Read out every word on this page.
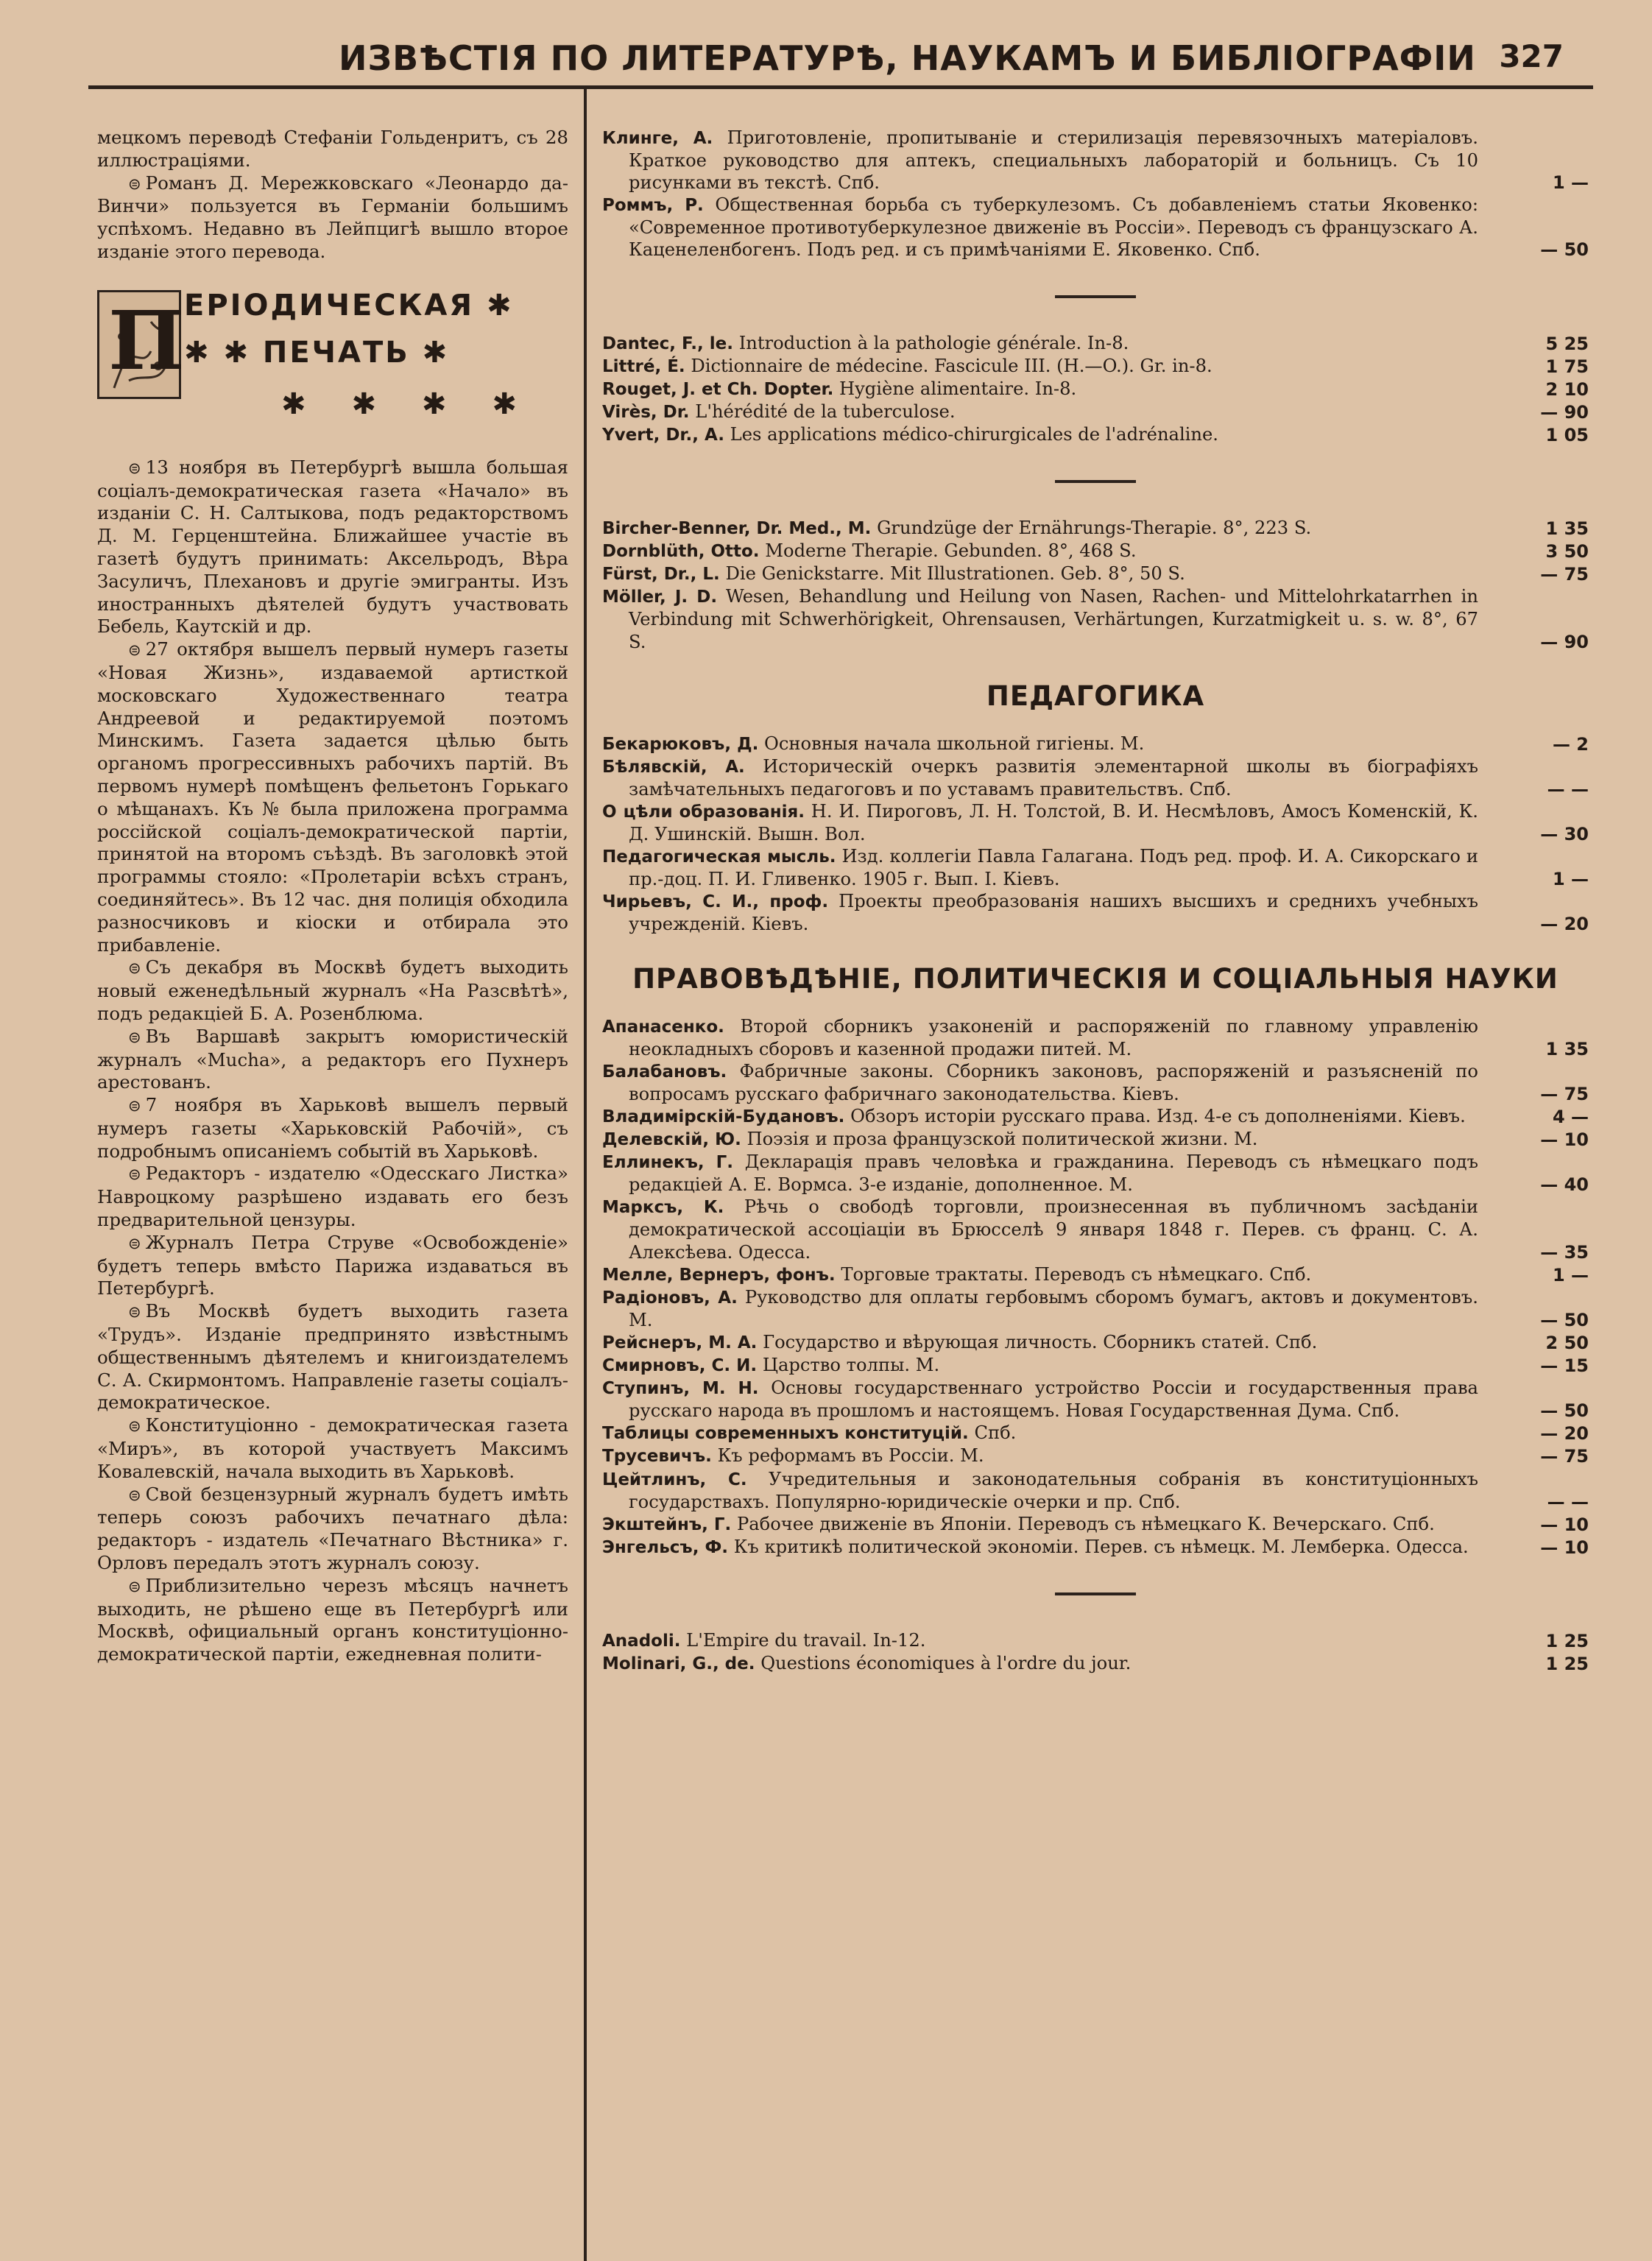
ИЗВѢСТІЯ ПО ЛИТЕРАТУРѢ, НАУКАМЪ И БИБЛІОГРАФІИ 327

мецкомъ переводѣ Стефаніи Гольденритъ, съ 28 иллюстраціями.

⊜ Романъ Д. Мережковскаго «Леонардо да-Винчи» пользуется въ Германіи большимъ успѣхомъ. Недавно въ Лейпцигѣ вышло второе изданіе этого перевода.

П ЕРІОДИЧЕСКАЯ ✱
✱ ✱ ПЕЧАТЬ ✱
✱ ✱ ✱ ✱

⊜ 13 ноября въ Петербургѣ вышла большая соціалъ-демократическая газета «Начало» въ изданіи С. Н. Салтыкова, подъ редакторствомъ Д. М. Герценштейна. Ближайшее участіе въ газетѣ будутъ принимать: Аксельродъ, Вѣра Засуличъ, Плехановъ и другіе эмигранты. Изъ иностранныхъ дѣятелей будутъ участвовать Бебель, Каутскій и др.

⊜ 27 октября вышелъ первый нумеръ газеты «Новая Жизнь», издаваемой артисткой московскаго Художественнаго театра Андреевой и редактируемой поэтомъ Минскимъ. Газета задается цѣлью быть органомъ прогрессивныхъ рабочихъ партій. Въ первомъ нумерѣ помѣщенъ фельетонъ Горькаго о мѣщанахъ. Къ № была приложена программа россійской соціалъ-демократической партіи, принятой на второмъ съѣздѣ. Въ заголовкѣ этой программы стояло: «Пролетаріи всѣхъ странъ, соединяйтесь». Въ 12 час. дня полиція обходила разносчиковъ и кіоски и отбирала это прибавленіе.

⊜ Съ декабря въ Москвѣ будетъ выходить новый еженедѣльный журналъ «На Разсвѣтѣ», подъ редакціей Б. А. Розенблюма.

⊜ Въ Варшавѣ закрытъ юмористическій журналъ «Mucha», а редакторъ его Пухнеръ арестованъ.

⊜ 7 ноября въ Харьковѣ вышелъ первый нумеръ газеты «Харьковскій Рабочій», съ подробнымъ описаніемъ событій въ Харьковѣ.

⊜ Редакторъ - издателю «Одесскаго Листка» Навроцкому разрѣшено издавать его безъ предварительной цензуры.

⊜ Журналъ Петра Струве «Освобожденіе» будетъ теперь вмѣсто Парижа издаваться въ Петербургѣ.

⊜ Въ Москвѣ будетъ выходить газета «Трудъ». Изданіе предпринято извѣстнымъ общественнымъ дѣятелемъ и книгоиздателемъ С. А. Скирмонтомъ. Направленіе газеты соціалъ-демократическое.

⊜ Конституціонно - демократическая газета «Миръ», въ которой участвуетъ Максимъ Ковалевскій, начала выходить въ Харьковѣ.

⊜ Свой безцензурный журналъ будетъ имѣть теперь союзъ рабочихъ печатнаго дѣла: редакторъ - издатель «Печатнаго Вѣстника» г. Орловъ передалъ этотъ журналъ союзу.

⊜ Приблизительно черезъ мѣсяцъ начнетъ выходить, не рѣшено еще въ Петербургѣ или Москвѣ, официальный органъ конституціонно-демократической партіи, ежедневная полити-

Клинге, А. Приготовленіе, пропитываніе и стерилизація перевязочныхъ матеріаловъ. Краткое руководство для аптекъ, специальныхъ лабораторій и больницъ. Съ 10 рисунками въ текстѣ. Спб.	1 —
Роммъ, Р. Общественная борьба съ туберкулезомъ. Съ добавленіемъ статьи Яковенко: «Современное противотуберкулезное движеніе въ Россіи». Переводъ съ французскаго А. Каценеленбогенъ. Подъ ред. и съ примѣчаніями Е. Яковенко. Спб.	— 50
Dantec, F., le. Introduction à la pathologie générale. In-8.	5 25
Littré, É. Dictionnaire de médecine. Fascicule III. (H.—O.). Gr. in-8.	1 75
Rouget, J. et Ch. Dopter. Hygiène alimentaire. In-8.	2 10
Virès, Dr. L'hérédité de la tuberculose.	— 90
Yvert, Dr., A. Les applications médico-chirurgicales de l'adrénaline.	1 05
Bircher-Benner, Dr. Med., M. Grundzüge der Ernährungs-Therapie. 8°, 223 S.	1 35
Dornblüth, Otto. Moderne Therapie. Gebunden. 8°, 468 S.	3 50
Fürst, Dr., L. Die Genickstarre. Mit Illustrationen. Geb. 8°, 50 S.	— 75
Möller, J. D. Wesen, Behandlung und Heilung von Nasen, Rachen- und Mittelohrkatarrhen in Verbindung mit Schwerhörigkeit, Ohrensausen, Verhärtungen, Kurzatmigkeit u. s. w. 8°, 67 S.	— 90
ПЕДАГОГИКА
Бекарюковъ, Д. Основныя начала школьной гигіены. М.	— 2
Бѣлявскій, А. Историческій очеркъ развитія элементарной школы въ біографіяхъ замѣчательныхъ педагоговъ и по уставамъ правительствъ. Спб.	— —
О цѣли образованія. Н. И. Пироговъ, Л. Н. Толстой, В. И. Несмѣловъ, Амосъ Коменскій, К. Д. Ушинскій. Вышн. Вол.	— 30
Педагогическая мысль. Изд. коллегіи Павла Галагана. Подъ ред. проф. И. А. Сикорскаго и пр.-доц. П. И. Гливенко. 1905 г. Вып. I. Кіевъ.	1 —
Чирьевъ, С. И., проф. Проекты преобразованія нашихъ высшихъ и среднихъ учебныхъ учрежденій. Кіевъ.	— 20
ПРАВОВѢДѢНІЕ, ПОЛИТИЧЕСКІЯ И СОЦІАЛЬНЫЯ НАУКИ
Апанасенко. Второй сборникъ узаконеній и распоряженій по главному управленію неокладныхъ сборовъ и казенной продажи питей. М.	1 35
Балабановъ. Фабричные законы. Сборникъ законовъ, распоряженій и разъясненій по вопросамъ русскаго фабричнаго законодательства. Кіевъ.	— 75
Владимірскій-Будановъ. Обзоръ исторіи русскаго права. Изд. 4-е съ дополненіями. Кіевъ.	4 —
Делевскій, Ю. Поэзія и проза французской политической жизни. М.	— 10
Еллинекъ, Г. Декларація правъ человѣка и гражданина. Переводъ съ нѣмецкаго подъ редакціей А. Е. Вормса. 3-е изданіе, дополненное. М.	— 40
Марксъ, К. Рѣчь о свободѣ торговли, произнесенная въ публичномъ засѣданіи демократической ассоціаціи въ Брюсселѣ 9 января 1848 г. Перев. съ франц. С. А. Алексѣева. Одесса.	— 35
Мелле, Вернеръ, фонъ. Торговые трактаты. Переводъ съ нѣмецкаго. Спб.	1 —
Радіоновъ, А. Руководство для оплаты гербовымъ сборомъ бумагъ, актовъ и документовъ. М.	— 50
Рейснеръ, М. А. Государство и вѣрующая личность. Сборникъ статей. Спб.	2 50
Смирновъ, С. И. Царство толпы. М.	— 15
Ступинъ, М. Н. Основы государственнаго устройство Россіи и государственныя права русскаго народа въ прошломъ и настоящемъ. Новая Государственная Дума. Спб.	— 50
Таблицы современныхъ конституцій. Спб.	— 20
Трусевичъ. Къ реформамъ въ Россіи. М.	— 75
Цейтлинъ, С. Учредительныя и законодательныя собранія въ конституціонныхъ государствахъ. Популярно-юридическіе очерки и пр. Спб.	— —
Экштейнъ, Г. Рабочее движеніе въ Японіи. Переводъ съ нѣмецкаго К. Вечерскаго. Спб.	— 10
Энгельсъ, Ф. Къ критикѣ политической экономіи. Перев. съ нѣмецк. М. Лемберка. Одесса.	— 10
Anadoli. L'Empire du travail. In-12.	1 25
Molinari, G., de. Questions économiques à l'ordre du jour.	1 25
